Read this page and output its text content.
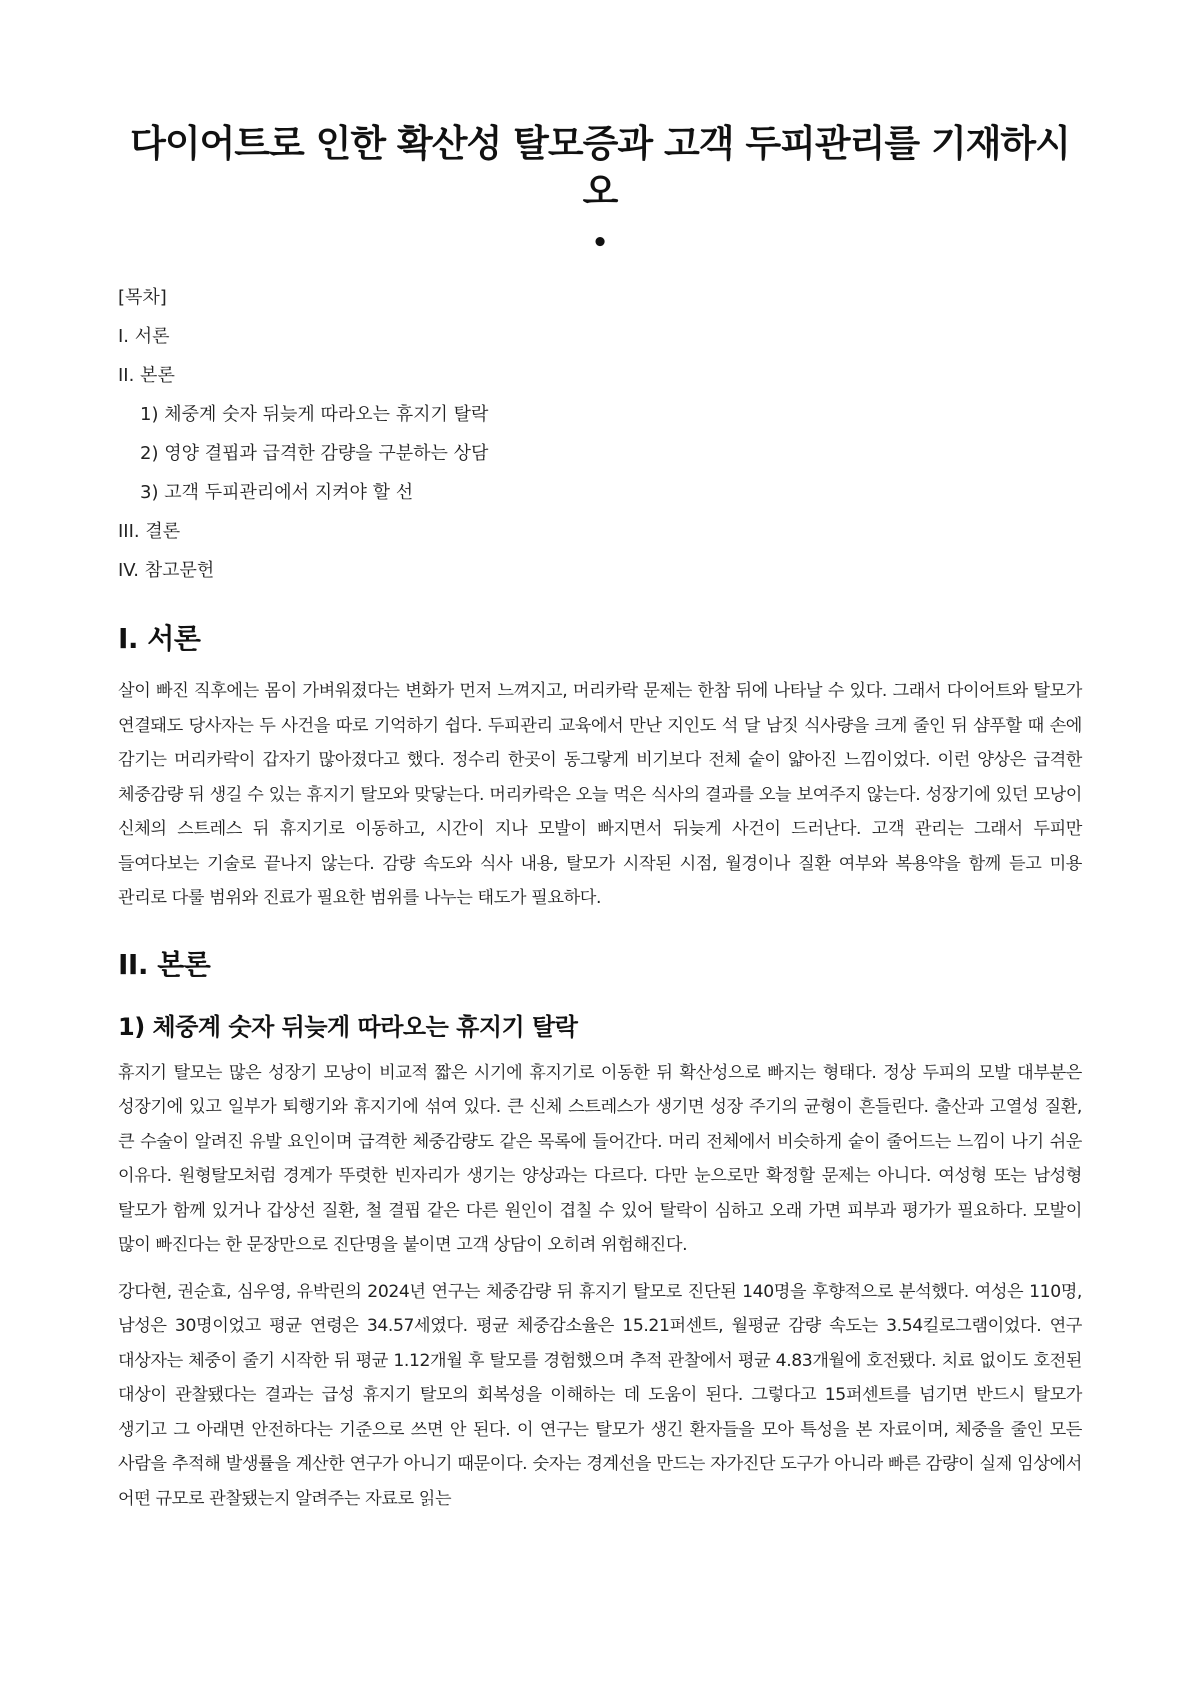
다이어트로 인한 확산성 탈모증과 고객 두피관리를 기재하시오
•
[목차]
I. 서론
II. 본론
1) 체중계 숫자 뒤늦게 따라오는 휴지기 탈락
2) 영양 결핍과 급격한 감량을 구분하는 상담
3) 고객 두피관리에서 지켜야 할 선
III. 결론
IV. 참고문헌
I. 서론

살이 빠진 직후에는 몸이 가벼워졌다는 변화가 먼저 느껴지고, 머리카락 문제는 한참 뒤에 나타날 수 있다. 그래서 다이어트와 탈모가 연결돼도 당사자는 두 사건을 따로 기억하기 쉽다. 두피관리 교육에서 만난 지인도 석 달 남짓 식사량을 크게 줄인 뒤 샴푸할 때 손에 감기는 머리카락이 갑자기 많아졌다고 했다. 정수리 한곳이 동그랗게 비기보다 전체 숱이 얇아진 느낌이었다. 이런 양상은 급격한 체중감량 뒤 생길 수 있는 휴지기 탈모와 맞닿는다. 머리카락은 오늘 먹은 식사의 결과를 오늘 보여주지 않는다. 성장기에 있던 모낭이 신체의 스트레스 뒤 휴지기로 이동하고, 시간이 지나 모발이 빠지면서 뒤늦게 사건이 드러난다. 고객 관리는 그래서 두피만 들여다보는 기술로 끝나지 않는다. 감량 속도와 식사 내용, 탈모가 시작된 시점, 월경이나 질환 여부와 복용약을 함께 듣고 미용 관리로 다룰 범위와 진료가 필요한 범위를 나누는 태도가 필요하다.

II. 본론
1) 체중계 숫자 뒤늦게 따라오는 휴지기 탈락

휴지기 탈모는 많은 성장기 모낭이 비교적 짧은 시기에 휴지기로 이동한 뒤 확산성으로 빠지는 형태다. 정상 두피의 모발 대부분은 성장기에 있고 일부가 퇴행기와 휴지기에 섞여 있다. 큰 신체 스트레스가 생기면 성장 주기의 균형이 흔들린다. 출산과 고열성 질환, 큰 수술이 알려진 유발 요인이며 급격한 체중감량도 같은 목록에 들어간다. 머리 전체에서 비슷하게 숱이 줄어드는 느낌이 나기 쉬운 이유다. 원형탈모처럼 경계가 뚜렷한 빈자리가 생기는 양상과는 다르다. 다만 눈으로만 확정할 문제는 아니다. 여성형 또는 남성형 탈모가 함께 있거나 갑상선 질환, 철 결핍 같은 다른 원인이 겹칠 수 있어 탈락이 심하고 오래 가면 피부과 평가가 필요하다. 모발이 많이 빠진다는 한 문장만으로 진단명을 붙이면 고객 상담이 오히려 위험해진다.

강다현, 권순효, 심우영, 유박린의 2024년 연구는 체중감량 뒤 휴지기 탈모로 진단된 140명을 후향적으로 분석했다. 여성은 110명, 남성은 30명이었고 평균 연령은 34.57세였다. 평균 체중감소율은 15.21퍼센트, 월평균 감량 속도는 3.54킬로그램이었다. 연구 대상자는 체중이 줄기 시작한 뒤 평균 1.12개월 후 탈모를 경험했으며 추적 관찰에서 평균 4.83개월에 호전됐다. 치료 없이도 호전된 대상이 관찰됐다는 결과는 급성 휴지기 탈모의 회복성을 이해하는 데 도움이 된다. 그렇다고 15퍼센트를 넘기면 반드시 탈모가 생기고 그 아래면 안전하다는 기준으로 쓰면 안 된다. 이 연구는 탈모가 생긴 환자들을 모아 특성을 본 자료이며, 체중을 줄인 모든 사람을 추적해 발생률을 계산한 연구가 아니기 때문이다. 숫자는 경계선을 만드는 자가진단 도구가 아니라 빠른 감량이 실제 임상에서 어떤 규모로 관찰됐는지 알려주는 자료로 읽는
